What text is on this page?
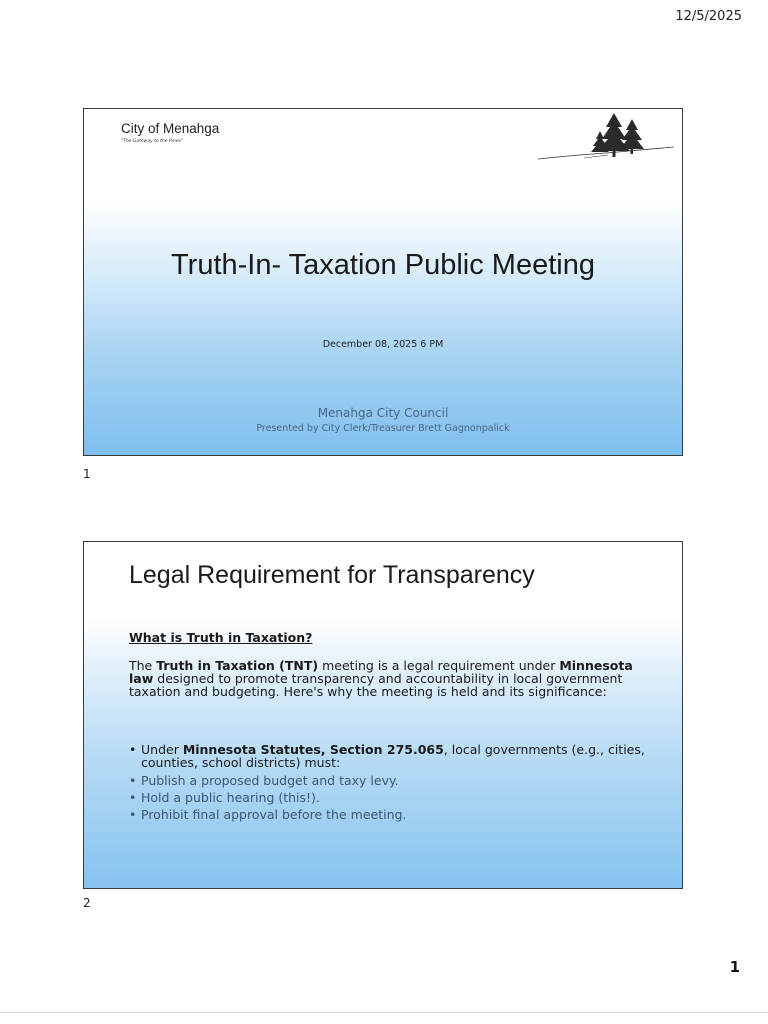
12/5/2025
City of Menahga
"The Gateway to the Pines"
Truth-In- Taxation Public Meeting
December 08, 2025 6 PM
Menahga City Council
Presented by City Clerk/Treasurer Brett Gagnonpalick
1
Legal Requirement for Transparency
What is Truth in Taxation?
The Truth in Taxation (TNT) meeting is a legal requirement under Minnesota law designed to promote transparency and accountability in local government taxation and budgeting. Here's why the meeting is held and its significance:
• Under Minnesota Statutes, Section 275.065, local governments (e.g., cities, counties, school districts) must:
• Publish a proposed budget and taxy levy.
• Hold a public hearing (this!).
• Prohibit final approval before the meeting.
2
1
